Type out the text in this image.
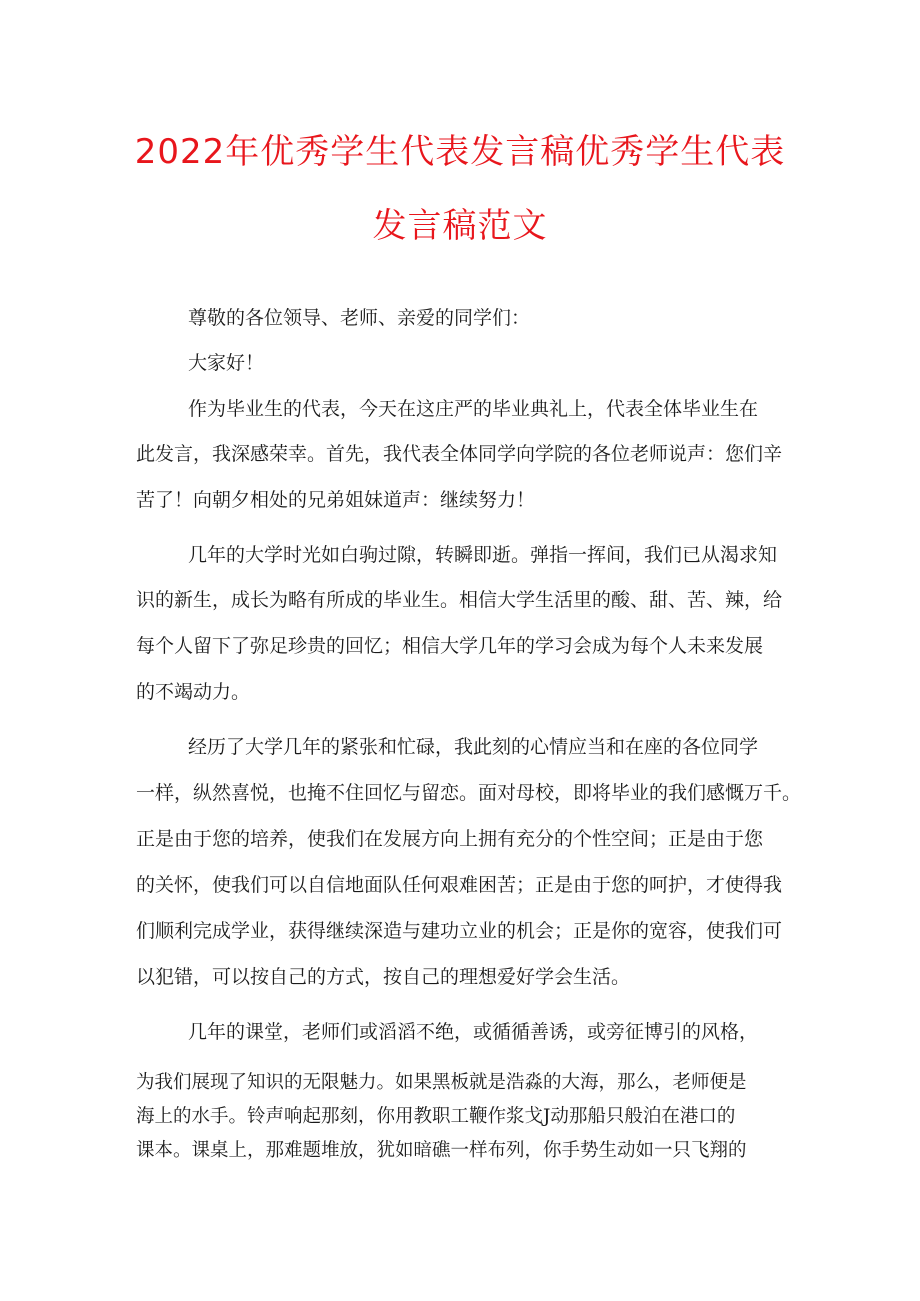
2022年优秀学生代表发言稿优秀学生代表
发言稿范文

尊敬的各位领导、老师、亲爱的同学们：

大家好！

作为毕业生的代表，今天在这庄严的毕业典礼上，代表全体毕业生在

此发言，我深感荣幸。首先，我代表全体同学向学院的各位老师说声：您们辛

苦了！向朝夕相处的兄弟姐妹道声：继续努力！

几年的大学时光如白驹过隙，转瞬即逝。弹指一挥间，我们已从渴求知

识的新生，成长为略有所成的毕业生。相信大学生活里的酸、甜、苦、辣，给

每个人留下了弥足珍贵的回忆；相信大学几年的学习会成为每个人未来发展

的不竭动力。

经历了大学几年的紧张和忙碌，我此刻的心情应当和在座的各位同学

一样，纵然喜悦，也掩不住回忆与留恋。面对母校，即将毕业的我们感慨万千。

正是由于您的培养，使我们在发展方向上拥有充分的个性空间；正是由于您

的关怀，使我们可以自信地面队任何艰难困苦；正是由于您的呵护，才使得我

们顺利完成学业，获得继续深造与建功立业的机会；正是你的宽容，使我们可

以犯错，可以按自己的方式，按自己的理想爱好学会生活。

几年的课堂，老师们或滔滔不绝，或循循善诱，或旁征博引的风格，

为我们展现了知识的无限魅力。如果黑板就是浩淼的大海，那么，老师便是

海上的水手。铃声响起那刻，你用教职工鞭作浆戈J动那船只般泊在港口的

课本。课桌上，那难题堆放，犹如暗礁一样布列，你手势生动如一只飞翔的
